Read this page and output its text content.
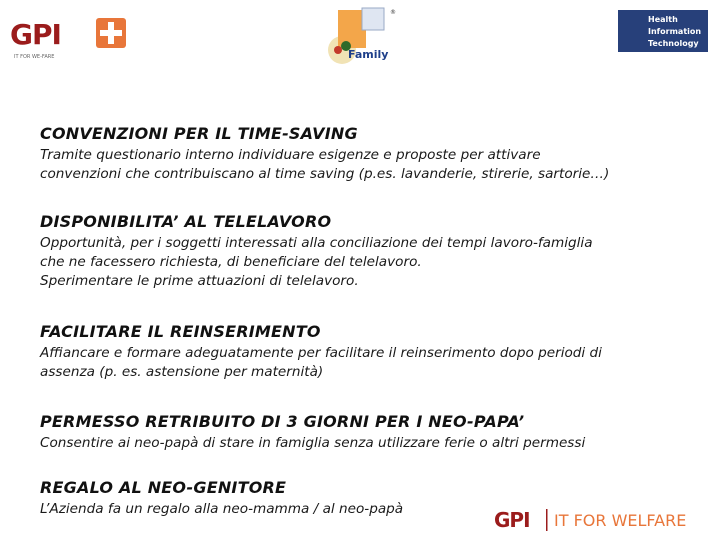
GPI
IT FOR WE-FARE	Family
®
Health
Information
Technology

CONVENZIONI PER IL TIME-SAVING

Tramite questionario interno individuare esigenze e proposte per attivare
convenzioni che contribuiscano al time saving (p.es. lavanderie, stirerie, sartorie…)

DISPONIBILITA’ AL TELELAVORO

Opportunità, per i soggetti interessati alla conciliazione dei tempi lavoro-famiglia
che ne facessero richiesta, di beneficiare del telelavoro.
Sperimentare le prime attuazioni di telelavoro.

FACILITARE IL REINSERIMENTO

Affiancare e formare adeguatamente per facilitare il reinserimento dopo periodi di
assenza (p. es. astensione per maternità)

PERMESSO RETRIBUITO DI 3 GIORNI PER I NEO-PAPA’

Consentire ai neo-papà di stare in famiglia senza utilizzare ferie o altri permessi

REGALO AL NEO-GENITORE

L’Azienda fa un regalo alla neo-mamma / al neo-papà	GPI IT FOR WELFARE
